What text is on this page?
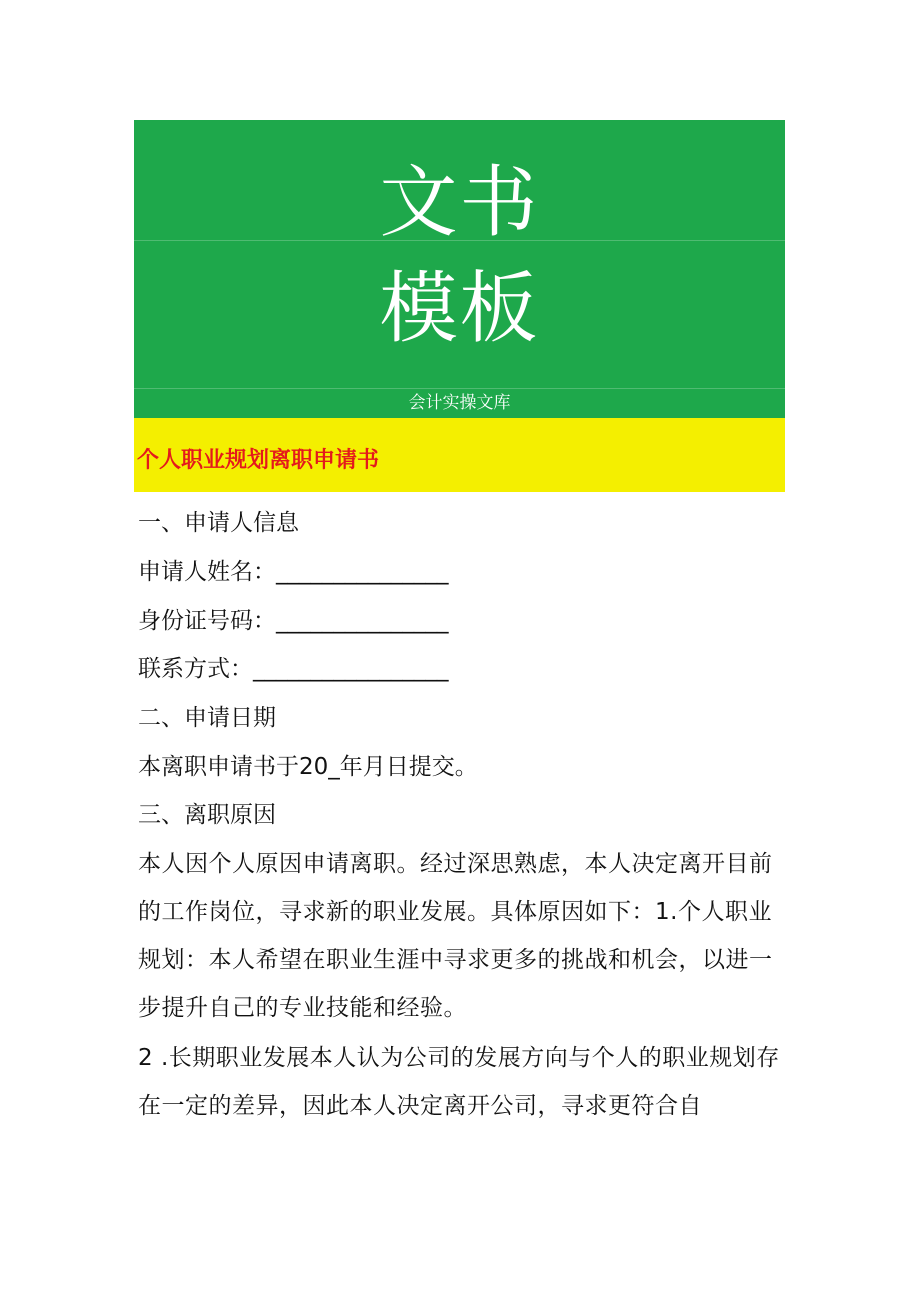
文书
模板
会计实操文库
个人职业规划离职申请书
一、申请人信息
申请人姓名：_______________
身份证号码：_______________
联系方式：_________________
二、申请日期
本离职申请书于20_年月日提交。
三、离职原因
本人因个人原因申请离职。经过深思熟虑，本人决定离开目前的工作岗位，寻求新的职业发展。具体原因如下：1.个人职业规划：本人希望在职业生涯中寻求更多的挑战和机会，以进一步提升自己的专业技能和经验。
2 .长期职业发展本人认为公司的发展方向与个人的职业规划存在一定的差异，因此本人决定离开公司，寻求更符合自
